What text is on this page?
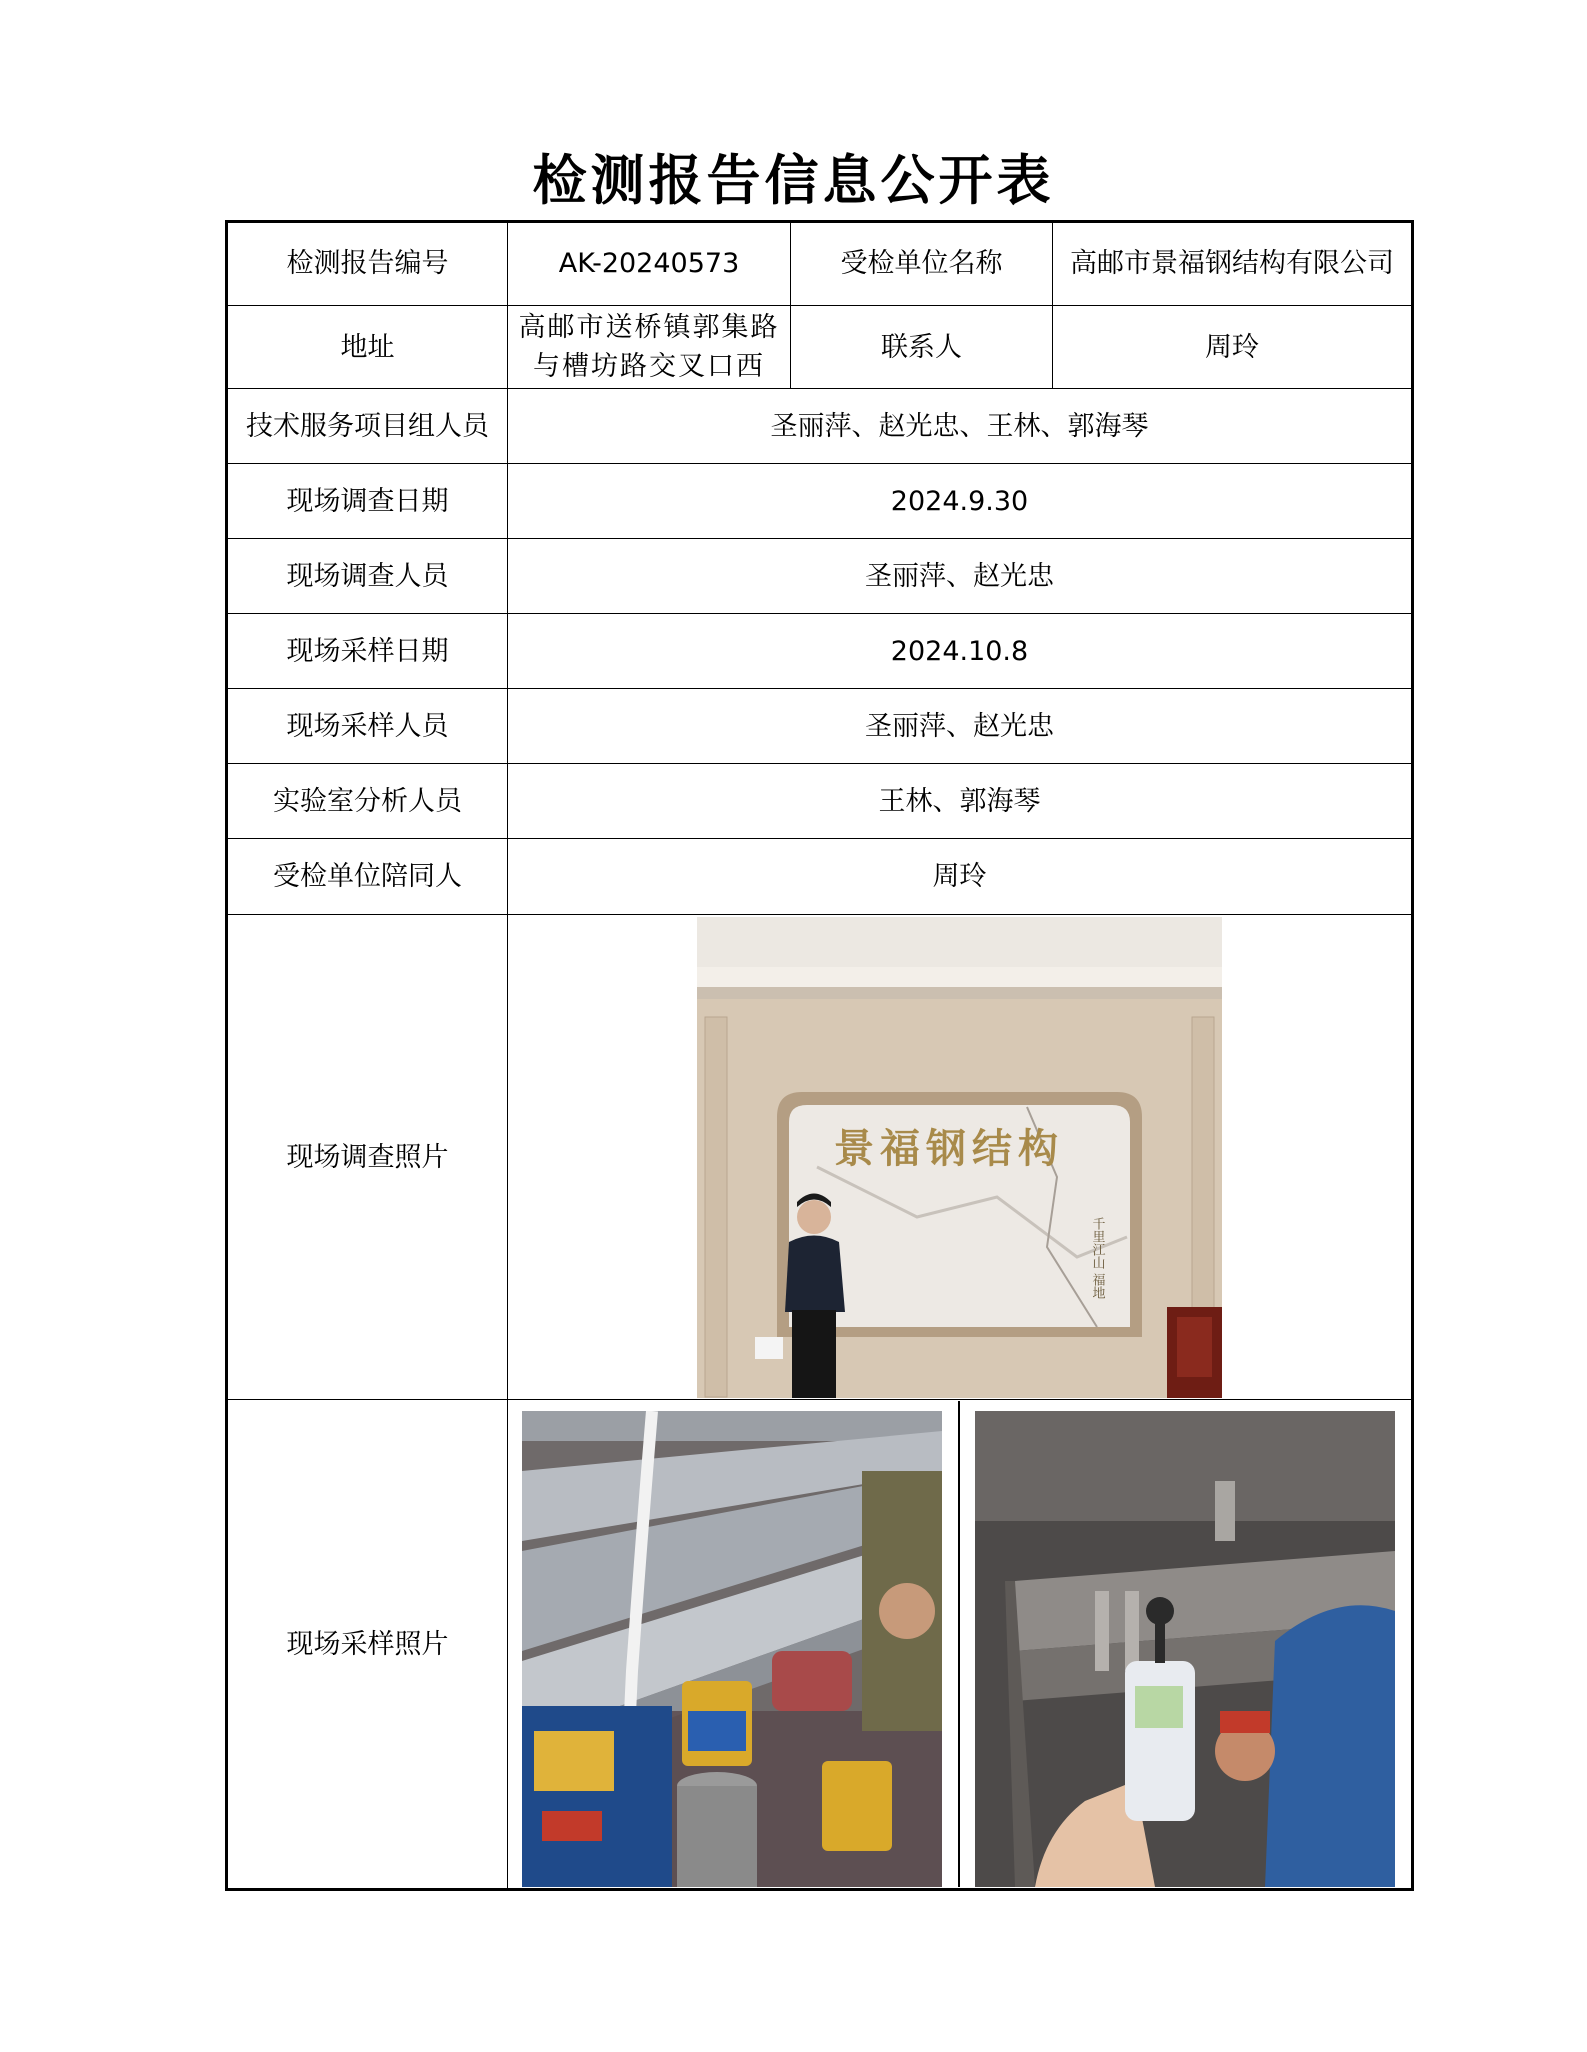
检测报告信息公开表
检测报告编号	AK-20240573	受检单位名称	高邮市景福钢结构有限公司
地址	高邮市送桥镇郭集路与槽坊路交叉口西	联系人	周玲
技术服务项目组人员	圣丽萍、赵光忠、王林、郭海琴		
现场调查日期	2024.9.30		
现场调查人员	圣丽萍、赵光忠		
现场采样日期	2024.10.8		
现场采样人员	圣丽萍、赵光忠		
实验室分析人员	王林、郭海琴		
受检单位陪同人	周玲		
现场调查照片	景福钢结构
千里江山 福地		

现场采样照片	
